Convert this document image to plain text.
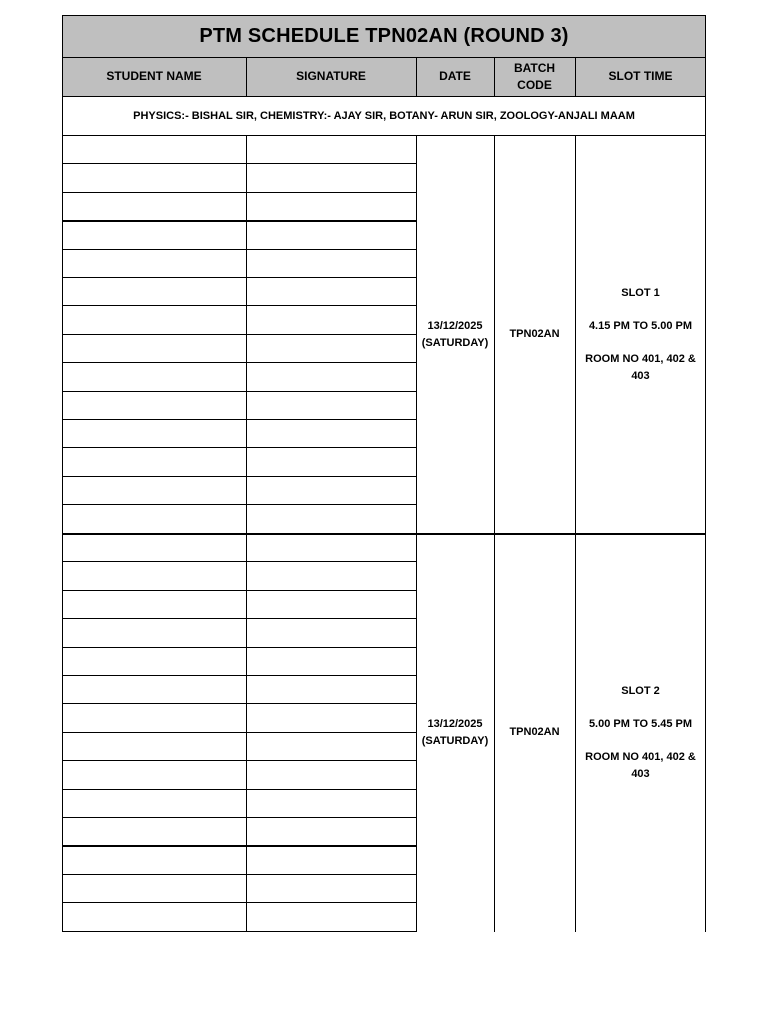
PTM SCHEDULE TPN02AN (ROUND 3)
STUDENT NAME	SIGNATURE	DATE
BATCH
CODE
SLOT TIME
PHYSICS:- BISHAL SIR, CHEMISTRY:- AJAY SIR, BOTANY- ARUN SIR, ZOOLOGY-ANJALI MAAM
13/12/2025
(SATURDAY)
TPN02AN
SLOT 1
4.15 PM TO 5.00 PM
ROOM NO 401, 402 &
403
13/12/2025
(SATURDAY)
TPN02AN
SLOT 2
5.00 PM TO 5.45 PM
ROOM NO 401, 402 &
403
